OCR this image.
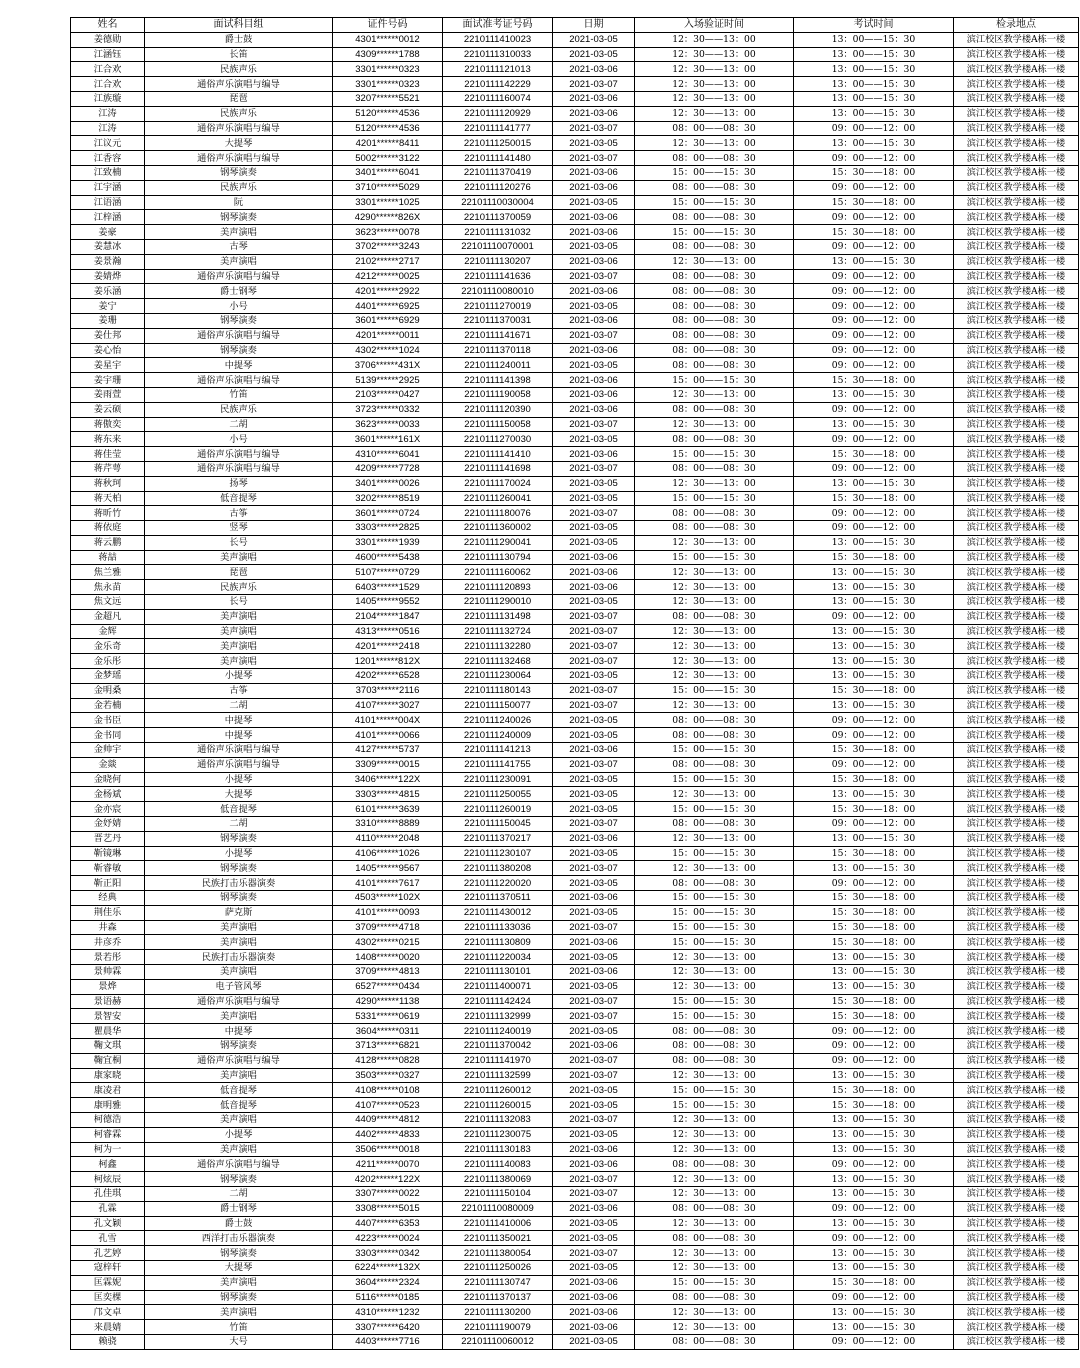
姓名	面试科目组	证件号码	面试准考证号码	日期	入场验证时间	考试时间	检录地点
姜德勋	爵士鼓	4301******0012	2210111410023	2021-03-05	12：30——13：00	13：00——15：30	滨江校区教学楼A栋一楼
江涵钰	长笛	4309******1788	2210111310033	2021-03-05	12：30——13：00	13：00——15：30	滨江校区教学楼A栋一楼
江合欢	民族声乐	3301******0323	2210111121013	2021-03-06	12：30——13：00	13：00——15：30	滨江校区教学楼A栋一楼
江合欢	通俗声乐演唱与编导	3301******0323	2210111142229	2021-03-07	12：30——13：00	13：00——15：30	滨江校区教学楼A栋一楼
江族璇	琵琶	3207******5521	2210111160074	2021-03-06	12：30——13：00	13：00——15：30	滨江校区教学楼A栋一楼
江涛	民族声乐	5120******4536	2210111120929	2021-03-06	12：30——13：00	13：00——15：30	滨江校区教学楼A栋一楼
江涛	通俗声乐演唱与编导	5120******4536	2210111141777	2021-03-07	08：00——08：30	09：00——12：00	滨江校区教学楼A栋一楼
江议元	大提琴	4201******8411	2210111250015	2021-03-05	12：30——13：00	13：00——15：30	滨江校区教学楼A栋一楼
江香容	通俗声乐演唱与编导	5002******3122	2210111141480	2021-03-07	08：00——08：30	09：00——12：00	滨江校区教学楼A栋一楼
江致楠	钢琴演奏	3401******6041	2210111370419	2021-03-06	15：00——15：30	15：30——18：00	滨江校区教学楼A栋一楼
江宇涵	民族声乐	3710******5029	2210111120276	2021-03-06	08：00——08：30	09：00——12：00	滨江校区教学楼A栋一楼
江语涵	阮	3301******1025	22101110030004	2021-03-05	15：00——15：30	15：30——18：00	滨江校区教学楼A栋一楼
江梓涵	钢琴演奏	4290******826X	2210111370059	2021-03-06	08：00——08：30	09：00——12：00	滨江校区教学楼A栋一楼
姜豪	美声演唱	3623******0078	2210111131032	2021-03-06	15：00——15：30	15：30——18：00	滨江校区教学楼A栋一楼
姜慧冰	古琴	3702******3243	22101110070001	2021-03-05	08：00——08：30	09：00——12：00	滨江校区教学楼A栋一楼
姜景瀚	美声演唱	2102******2717	2210111130207	2021-03-06	12：30——13：00	13：00——15：30	滨江校区教学楼A栋一楼
姜婧烨	通俗声乐演唱与编导	4212******0025	2210111141636	2021-03-07	08：00——08：30	09：00——12：00	滨江校区教学楼A栋一楼
姜乐涵	爵士钢琴	4201******2922	22101110080010	2021-03-06	08：00——08：30	09：00——12：00	滨江校区教学楼A栋一楼
姜宁	小号	4401******6925	2210111270019	2021-03-05	08：00——08：30	09：00——12：00	滨江校区教学楼A栋一楼
姜珊	钢琴演奏	3601******6929	2210111370031	2021-03-06	08：00——08：30	09：00——12：00	滨江校区教学楼A栋一楼
姜仕邦	通俗声乐演唱与编导	4201******0011	2210111141671	2021-03-07	08：00——08：30	09：00——12：00	滨江校区教学楼A栋一楼
姜心怡	钢琴演奏	4302******1024	2210111370118	2021-03-06	08：00——08：30	09：00——12：00	滨江校区教学楼A栋一楼
姜星宇	中提琴	3706******431X	2210111240011	2021-03-05	08：00——08：30	09：00——12：00	滨江校区教学楼A栋一楼
姜宇珊	通俗声乐演唱与编导	5139******2925	2210111141398	2021-03-06	15：00——15：30	15：30——18：00	滨江校区教学楼A栋一楼
姜雨萱	竹笛	2103******0427	2210111190058	2021-03-06	12：30——13：00	13：00——15：30	滨江校区教学楼A栋一楼
姜云硕	民族声乐	3723******0332	2210111120390	2021-03-06	08：00——08：30	09：00——12：00	滨江校区教学楼A栋一楼
蒋傲奕	二胡	3623******0033	2210111150058	2021-03-07	12：30——13：00	13：00——15：30	滨江校区教学楼A栋一楼
蒋东来	小号	3601******161X	2210111270030	2021-03-05	08：00——08：30	09：00——12：00	滨江校区教学楼A栋一楼
蒋佳莹	通俗声乐演唱与编导	4310******6041	2210111141410	2021-03-06	15：00——15：30	15：30——18：00	滨江校区教学楼A栋一楼
蒋芹萼	通俗声乐演唱与编导	4209******7728	2210111141698	2021-03-07	08：00——08：30	09：00——12：00	滨江校区教学楼A栋一楼
蒋秋珂	扬琴	3401******0026	2210111170024	2021-03-05	12：30——13：00	13：00——15：30	滨江校区教学楼A栋一楼
蒋天柏	低音提琴	3202******8519	2210111260041	2021-03-05	15：00——15：30	15：30——18：00	滨江校区教学楼A栋一楼
蒋昕竹	古筝	3601******0724	2210111180076	2021-03-07	08：00——08：30	09：00——12：00	滨江校区教学楼A栋一楼
蒋依庭	竖琴	3303******2825	2210111360002	2021-03-05	08：00——08：30	09：00——12：00	滨江校区教学楼A栋一楼
蒋云鹏	长号	3301******1939	2210111290041	2021-03-05	12：30——13：00	13：00——15：30	滨江校区教学楼A栋一楼
蒋喆	美声演唱	4600******5438	2210111130794	2021-03-06	15：00——15：30	15：30——18：00	滨江校区教学楼A栋一楼
焦兰雅	琵琶	5107******0729	2210111160062	2021-03-06	12：30——13：00	13：00——15：30	滨江校区教学楼A栋一楼
焦永苗	民族声乐	6403******1529	2210111120893	2021-03-06	12：30——13：00	13：00——15：30	滨江校区教学楼A栋一楼
焦文远	长号	1405******9552	2210111290010	2021-03-05	12：30——13：00	13：00——15：30	滨江校区教学楼A栋一楼
金超凡	美声演唱	2104******1847	2210111131498	2021-03-07	08：00——08：30	09：00——12：00	滨江校区教学楼A栋一楼
金辉	美声演唱	4313******0516	2210111132724	2021-03-07	12：30——13：00	13：00——15：30	滨江校区教学楼A栋一楼
金乐奇	美声演唱	4201******2418	2210111132280	2021-03-07	12：30——13：00	13：00——15：30	滨江校区教学楼A栋一楼
金乐彤	美声演唱	1201******812X	2210111132468	2021-03-07	12：30——13：00	13：00——15：30	滨江校区教学楼A栋一楼
金梦瑶	小提琴	4202******6528	2210111230064	2021-03-05	12：30——13：00	13：00——15：30	滨江校区教学楼A栋一楼
金明桑	古筝	3703******2116	2210111180143	2021-03-07	15：00——15：30	15：30——18：00	滨江校区教学楼A栋一楼
金若楠	二胡	4107******3027	2210111150077	2021-03-07	12：30——13：00	13：00——15：30	滨江校区教学楼A栋一楼
金书臣	中提琴	4101******004X	2210111240026	2021-03-05	08：00——08：30	09：00——12：00	滨江校区教学楼A栋一楼
金书同	中提琴	4101******0066	2210111240009	2021-03-05	08：00——08：30	09：00——12：00	滨江校区教学楼A栋一楼
金帅宇	通俗声乐演唱与编导	4127******5737	2210111141213	2021-03-06	15：00——15：30	15：30——18：00	滨江校区教学楼A栋一楼
金燚	通俗声乐演唱与编导	3309******0015	2210111141755	2021-03-07	08：00——08：30	09：00——12：00	滨江校区教学楼A栋一楼
金晓何	小提琴	3406******122X	2210111230091	2021-03-05	15：00——15：30	15：30——18：00	滨江校区教学楼A栋一楼
金杨斌	大提琴	3303******4815	2210111250055	2021-03-05	12：30——13：00	13：00——15：30	滨江校区教学楼A栋一楼
金亦宸	低音提琴	6101******3639	2210111260019	2021-03-05	15：00——15：30	15：30——18：00	滨江校区教学楼A栋一楼
金妤婧	二胡	3310******8889	2210111150045	2021-03-07	08：00——08：30	09：00——12：00	滨江校区教学楼A栋一楼
晋艺丹	钢琴演奏	4110******2048	2210111370217	2021-03-06	12：30——13：00	13：00——15：30	滨江校区教学楼A栋一楼
靳镜琳	小提琴	4106******1026	2210111230107	2021-03-05	15：00——15：30	15：30——18：00	滨江校区教学楼A栋一楼
靳睿敏	钢琴演奏	1405******9567	2210111380208	2021-03-07	12：30——13：00	13：00——15：30	滨江校区教学楼A栋一楼
靳正阳	民族打击乐器演奏	4101******7617	2210111220020	2021-03-05	08：00——08：30	09：00——12：00	滨江校区教学楼A栋一楼
经典	钢琴演奏	4503******102X	2210111370511	2021-03-06	15：00——15：30	15：30——18：00	滨江校区教学楼A栋一楼
荆佳乐	萨克斯	4101******0093	2210111430012	2021-03-05	15：00——15：30	15：30——18：00	滨江校区教学楼A栋一楼
井森	美声演唱	3709******4718	2210111133036	2021-03-07	15：00——15：30	15：30——18：00	滨江校区教学楼A栋一楼
井彦乔	美声演唱	4302******0215	2210111130809	2021-03-06	15：00——15：30	15：30——18：00	滨江校区教学楼A栋一楼
景若彤	民族打击乐器演奏	1408******0020	2210111220034	2021-03-05	12：30——13：00	13：00——15：30	滨江校区教学楼A栋一楼
景帅霖	美声演唱	3709******4813	2210111130101	2021-03-06	12：30——13：00	13：00——15：30	滨江校区教学楼A栋一楼
景烨	电子管风琴	6527******0434	2210111400071	2021-03-05	12：30——13：00	13：00——15：30	滨江校区教学楼A栋一楼
景语赫	通俗声乐演唱与编导	4290******1138	2210111142424	2021-03-07	15：00——15：30	15：30——18：00	滨江校区教学楼A栋一楼
景智安	美声演唱	5331******0619	2210111132999	2021-03-07	15：00——15：30	15：30——18：00	滨江校区教学楼A栋一楼
瞿晨华	中提琴	3604******0311	2210111240019	2021-03-05	08：00——08：30	09：00——12：00	滨江校区教学楼A栋一楼
鞠文琪	钢琴演奏	3713******6821	2210111370042	2021-03-06	08：00——08：30	09：00——12：00	滨江校区教学楼A栋一楼
鞠宜桐	通俗声乐演唱与编导	4128******0828	2210111141970	2021-03-07	08：00——08：30	09：00——12：00	滨江校区教学楼A栋一楼
康家晓	美声演唱	3503******0327	2210111132599	2021-03-07	12：30——13：00	13：00——15：30	滨江校区教学楼A栋一楼
康凌君	低音提琴	4108******0108	2210111260012	2021-03-05	15：00——15：30	15：30——18：00	滨江校区教学楼A栋一楼
康明雅	低音提琴	4107******0523	2210111260015	2021-03-05	15：00——15：30	15：30——18：00	滨江校区教学楼A栋一楼
柯德浩	美声演唱	4409******4812	2210111132083	2021-03-07	12：30——13：00	13：00——15：30	滨江校区教学楼A栋一楼
柯睿霖	小提琴	4402******4833	2210111230075	2021-03-05	12：30——13：00	13：00——15：30	滨江校区教学楼A栋一楼
柯为一	美声演唱	3506******0018	2210111130183	2021-03-06	12：30——13：00	13：00——15：30	滨江校区教学楼A栋一楼
柯鑫	通俗声乐演唱与编导	4211******0070	2210111140083	2021-03-06	08：00——08：30	09：00——12：00	滨江校区教学楼A栋一楼
柯炫辰	钢琴演奏	4202******122X	2210111380069	2021-03-07	12：30——13：00	13：00——15：30	滨江校区教学楼A栋一楼
孔佳琪	二胡	3307******0022	2210111150104	2021-03-07	12：30——13：00	13：00——15：30	滨江校区教学楼A栋一楼
孔霖	爵士钢琴	3308******5015	22101110080009	2021-03-06	08：00——08：30	09：00——12：00	滨江校区教学楼A栋一楼
孔文颖	爵士鼓	4407******6353	2210111410006	2021-03-05	12：30——13：00	13：00——15：30	滨江校区教学楼A栋一楼
孔雪	西洋打击乐器演奏	4223******0024	2210111350021	2021-03-05	08：00——08：30	09：00——12：00	滨江校区教学楼A栋一楼
孔艺婷	钢琴演奏	3303******0342	2210111380054	2021-03-07	12：30——13：00	13：00——15：30	滨江校区教学楼A栋一楼
寇梓轩	大提琴	6224******132X	2210111250026	2021-03-05	12：30——13：00	13：00——15：30	滨江校区教学楼A栋一楼
匡霖妮	美声演唱	3604******2324	2210111130747	2021-03-06	15：00——15：30	15：30——18：00	滨江校区教学楼A栋一楼
匡奕棵	钢琴演奏	5116******0185	2210111370137	2021-03-06	08：00——08：30	09：00——12：00	滨江校区教学楼A栋一楼
邝文卓	美声演唱	4310******1232	2210111130200	2021-03-06	12：30——13：00	13：00——15：30	滨江校区教学楼A栋一楼
来晨婧	竹笛	3307******6420	2210111190079	2021-03-06	12：30——13：00	13：00——15：30	滨江校区教学楼A栋一楼
赖骁	大号	4403******7716	22101110060012	2021-03-05	08：00——08：30	09：00——12：00	滨江校区教学楼A栋一楼
